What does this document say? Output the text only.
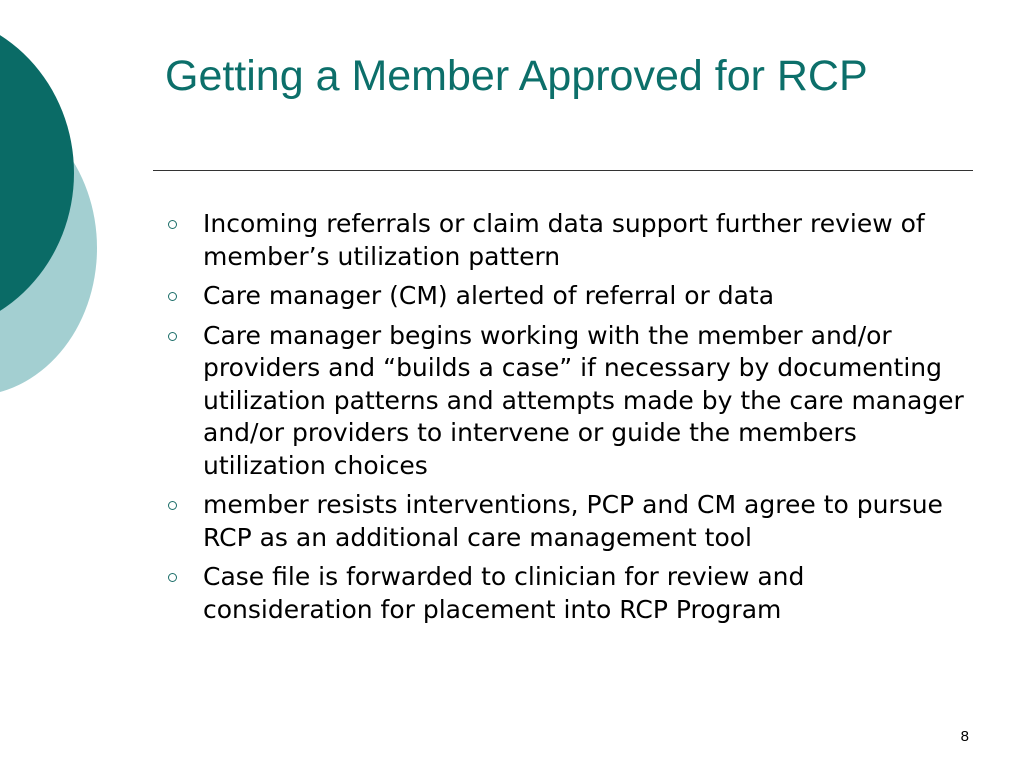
Getting a Member Approved for RCP
Incoming referrals or claim data support further review of member’s utilization pattern
Care manager (CM) alerted of referral or data
Care manager begins working with the member and/or providers and “builds a case” if necessary by documenting utilization patterns and attempts made by the care manager and/or providers to intervene or guide the members utilization choices
member resists interventions, PCP and CM agree to pursue RCP as an additional care management tool
Case file is forwarded to clinician for review and consideration for placement into RCP Program
8
